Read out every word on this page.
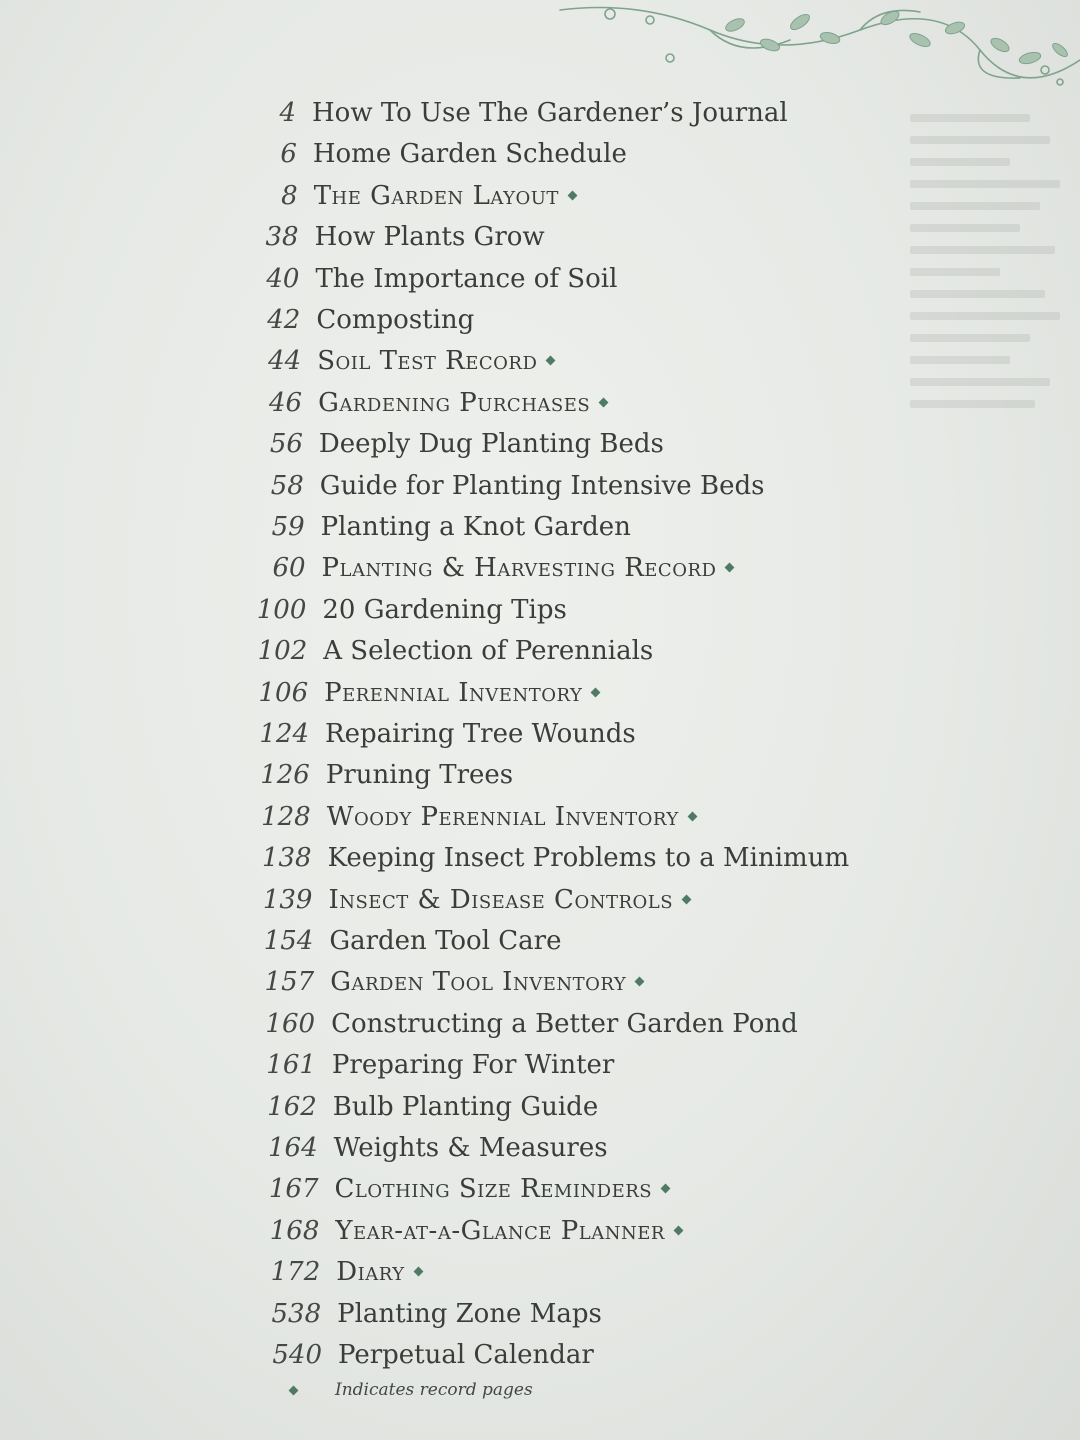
4 How To Use The Gardener’s Journal
6 Home Garden Schedule
8 The Garden Layout
38 How Plants Grow
40 The Importance of Soil
42 Composting
44 Soil Test Record
46 Gardening Purchases
56 Deeply Dug Planting Beds
58 Guide for Planting Intensive Beds
59 Planting a Knot Garden
60 Planting & Harvesting Record
100 20 Gardening Tips
102 A Selection of Perennials
106 Perennial Inventory
124 Repairing Tree Wounds
126 Pruning Trees
128 Woody Perennial Inventory
138 Keeping Insect Problems to a Minimum
139 Insect & Disease Controls
154 Garden Tool Care
157 Garden Tool Inventory
160 Constructing a Better Garden Pond
161 Preparing For Winter
162 Bulb Planting Guide
164 Weights & Measures
167 Clothing Size Reminders
168 Year-at-a-Glance Planner
172 Diary
538 Planting Zone Maps
540 Perpetual Calendar
Indicates record pages
